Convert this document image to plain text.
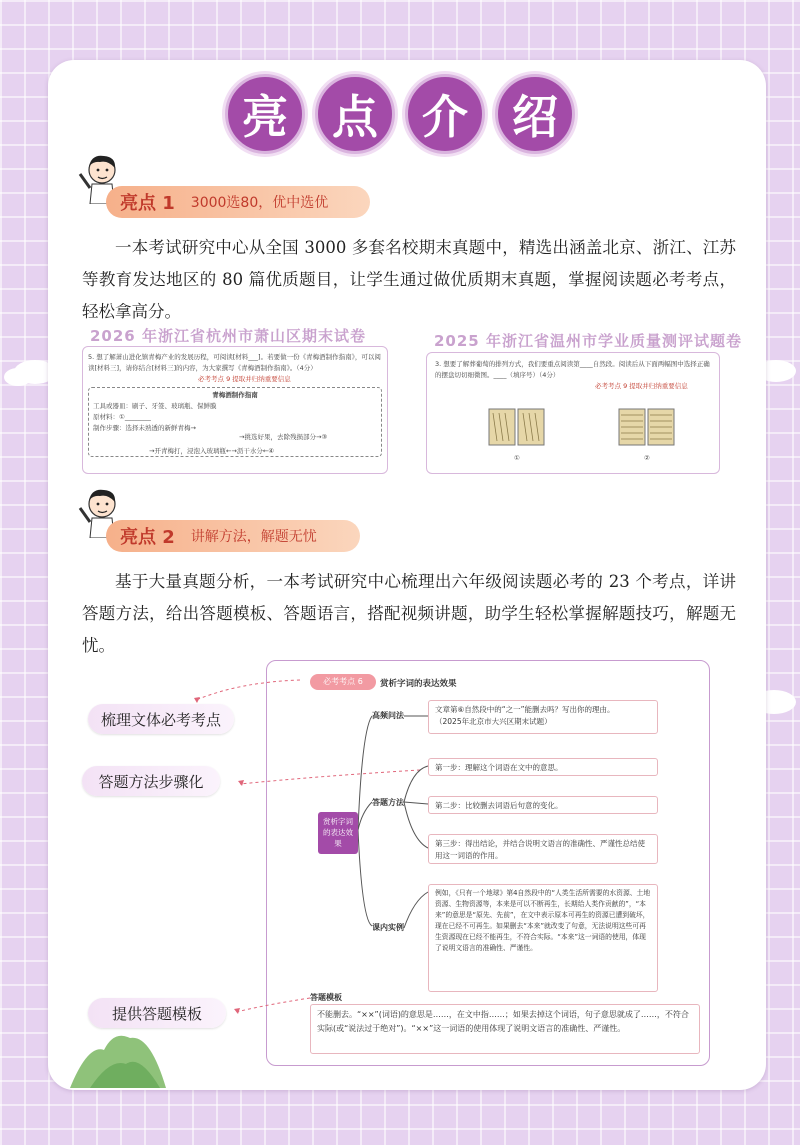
亮 点 介 绍
亮点 1 3000选80，优中选优

一本考试研究中心从全国 3000 多套名校期末真题中，精选出涵盖北京、浙江、江苏等教育发达地区的 80 篇优质题目，让学生通过做优质期末真题，掌握阅读题必考考点，轻松拿高分。

2026 年浙江省杭州市萧山区期末试卷
5. 想了解萧山进化镇青梅产业的发展历程，可阅读[材料___]。若要做一份《青梅酒制作指南》，可以阅读[材料三]，请你结合[材料三]的内容，为大家撰写《青梅酒制作指南》。（4分）
必考考点 9 提取并归纳重要信息
青梅酒制作指南
工具或器皿：刷子、牙签、玻璃瓶、保鲜膜
原材料：①________
制作步骤：选择未熟透的新鲜青梅→
→挑选好果，去除残损部分→③
→开青梅打，浸泡入玻璃瓶←→沥干水分←④
2025 年浙江省温州市学业质量测评试题卷
3. 想要了解葬葡萄的排列方式，我们要重点阅读第____自然段。阅读后从下面两幅图中选择正确的摆盘切切细微图。____（填序号）（4分）
必考考点 9 提取并归纳重要信息
①	②
亮点 2 讲解方法，解题无忧

基于大量真题分析，一本考试研究中心梳理出六年级阅读题必考的 23 个考点，详讲答题方法，给出答题模板、答题语言，搭配视频讲题，助学生轻松掌握解题技巧，解题无忧。

梳理文体必考考点
答题方法步骤化
提供答题模板
必考考点 6	赏析字词的表达效果
赏析字词的表达效果
高频问法
文章第⑥自然段中的“之一”能删去吗？写出你的理由。
（2025年北京市大兴区期末试题）
答题方法
第一步：理解这个词语在文中的意思。
第二步：比较删去词语后句意的变化。
第三步：得出结论，并结合说明文语言的准确性、严谨性总结使用这一词语的作用。
课内实例
例如，《只有一个地球》第4自然段中的“人类生活所需要的水资源、土地资源、生物资源等，本来是可以不断再生，长期给人类作贡献的”，“本来”的意思是“原先、先前”，在文中表示原本可再生的资源已遭到破坏，现在已经不可再生。如果删去“本来”就改变了句意，无法说明这些可再生资源现在已经不能再生，不符合实际。“本来”这一词语的使用，体现了说明文语言的准确性、严谨性。
答题模板
不能删去。“××”(词语)的意思是……，在文中指……；如果去掉这个词语，句子意思就成了……，不符合实际(或“说法过于绝对”)。“××”这一词语的使用体现了说明文语言的准确性、严谨性。
